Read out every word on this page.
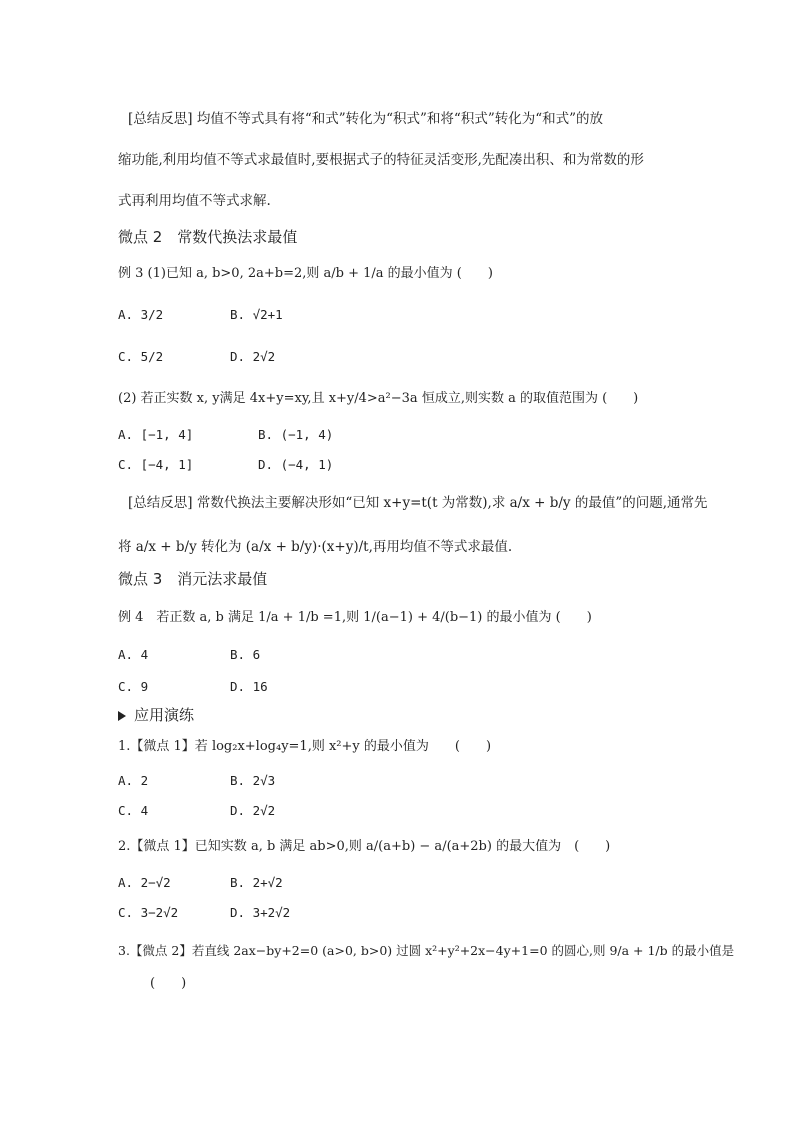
[总结反思] 均值不等式具有将“和式”转化为“积式”和将“积式”转化为“和式”的放
缩功能,利用均值不等式求最值时,要根据式子的特征灵活变形,先配凑出积、和为常数的形
式再利用均值不等式求解.
微点 2　常数代换法求最值
例 3 (1)已知 a, b>0, 2a+b=2,则 a/b + 1/a 的最小值为 (　　)
A. 3/2	B. √2+1
C. 5/2	D. 2√2
(2) 若正实数 x, y满足 4x+y=xy,且 x+y/4>a²−3a 恒成立,则实数 a 的取值范围为 (　　)
A. [−1, 4]	B. (−1, 4)
C. [−4, 1]	D. (−4, 1)
[总结反思] 常数代换法主要解决形如“已知 x+y=t(t 为常数),求 a/x + b/y 的最值”的问题,通常先
将 a/x + b/y 转化为 (a/x + b/y)·(x+y)/t,再用均值不等式求最值.
微点 3　消元法求最值
例 4　若正数 a, b 满足 1/a + 1/b =1,则 1/(a−1) + 4/(b−1) 的最小值为 (　　)
A. 4	B. 6
C. 9	D. 16
应用演练
1.【微点 1】若 log₂x+log₄y=1,则 x²+y 的最小值为　　(　　)
A. 2	B. 2√3
C. 4	D. 2√2
2.【微点 1】已知实数 a, b 满足 ab>0,则 a/(a+b) − a/(a+2b) 的最大值为　(　　)
A. 2−√2	B. 2+√2
C. 3−2√2	D. 3+2√2
3.【微点 2】若直线 2ax−by+2=0 (a>0, b>0) 过圆 x²+y²+2x−4y+1=0 的圆心,则 9/a + 1/b 的最小值是
(　　)
